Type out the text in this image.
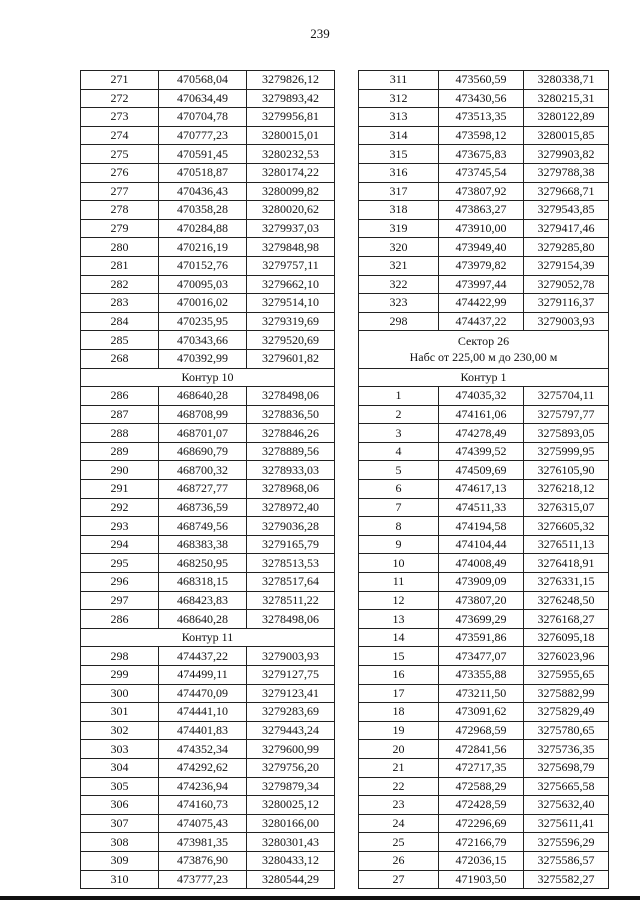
239
271	470568,04	3279826,12
272	470634,49	3279893,42
273	470704,78	3279956,81
274	470777,23	3280015,01
275	470591,45	3280232,53
276	470518,87	3280174,22
277	470436,43	3280099,82
278	470358,28	3280020,62
279	470284,88	3279937,03
280	470216,19	3279848,98
281	470152,76	3279757,11
282	470095,03	3279662,10
283	470016,02	3279514,10
284	470235,95	3279319,69
285	470343,66	3279520,69
268	470392,99	3279601,82
Контур 10		
286	468640,28	3278498,06
287	468708,99	3278836,50
288	468701,07	3278846,26
289	468690,79	3278889,56
290	468700,32	3278933,03
291	468727,77	3278968,06
292	468736,59	3278972,40
293	468749,56	3279036,28
294	468383,38	3279165,79
295	468250,95	3278513,53
296	468318,15	3278517,64
297	468423,83	3278511,22
286	468640,28	3278498,06
Контур 11		
298	474437,22	3279003,93
299	474499,11	3279127,75
300	474470,09	3279123,41
301	474441,10	3279283,69
302	474401,83	3279443,24
303	474352,34	3279600,99
304	474292,62	3279756,20
305	474236,94	3279879,34
306	474160,73	3280025,12
307	474075,43	3280166,00
308	473981,35	3280301,43
309	473876,90	3280433,12
310	473777,23	3280544,29
311	473560,59	3280338,71
312	473430,56	3280215,31
313	473513,35	3280122,89
314	473598,12	3280015,85
315	473675,83	3279903,82
316	473745,54	3279788,38
317	473807,92	3279668,71
318	473863,27	3279543,85
319	473910,00	3279417,46
320	473949,40	3279285,80
321	473979,82	3279154,39
322	473997,44	3279052,78
323	474422,99	3279116,37
298	474437,22	3279003,93

Сектор 26
Набс от 225,00 м до 230,00 м		

Контур 1		
1	474035,32	3275704,11
2	474161,06	3275797,77
3	474278,49	3275893,05
4	474399,52	3275999,95
5	474509,69	3276105,90
6	474617,13	3276218,12
7	474511,33	3276315,07
8	474194,58	3276605,32
9	474104,44	3276511,13
10	474008,49	3276418,91
11	473909,09	3276331,15
12	473807,20	3276248,50
13	473699,29	3276168,27
14	473591,86	3276095,18
15	473477,07	3276023,96
16	473355,88	3275955,65
17	473211,50	3275882,99
18	473091,62	3275829,49
19	472968,59	3275780,65
20	472841,56	3275736,35
21	472717,35	3275698,79
22	472588,29	3275665,58
23	472428,59	3275632,40
24	472296,69	3275611,41
25	472166,79	3275596,29
26	472036,15	3275586,57
27	471903,50	3275582,27
